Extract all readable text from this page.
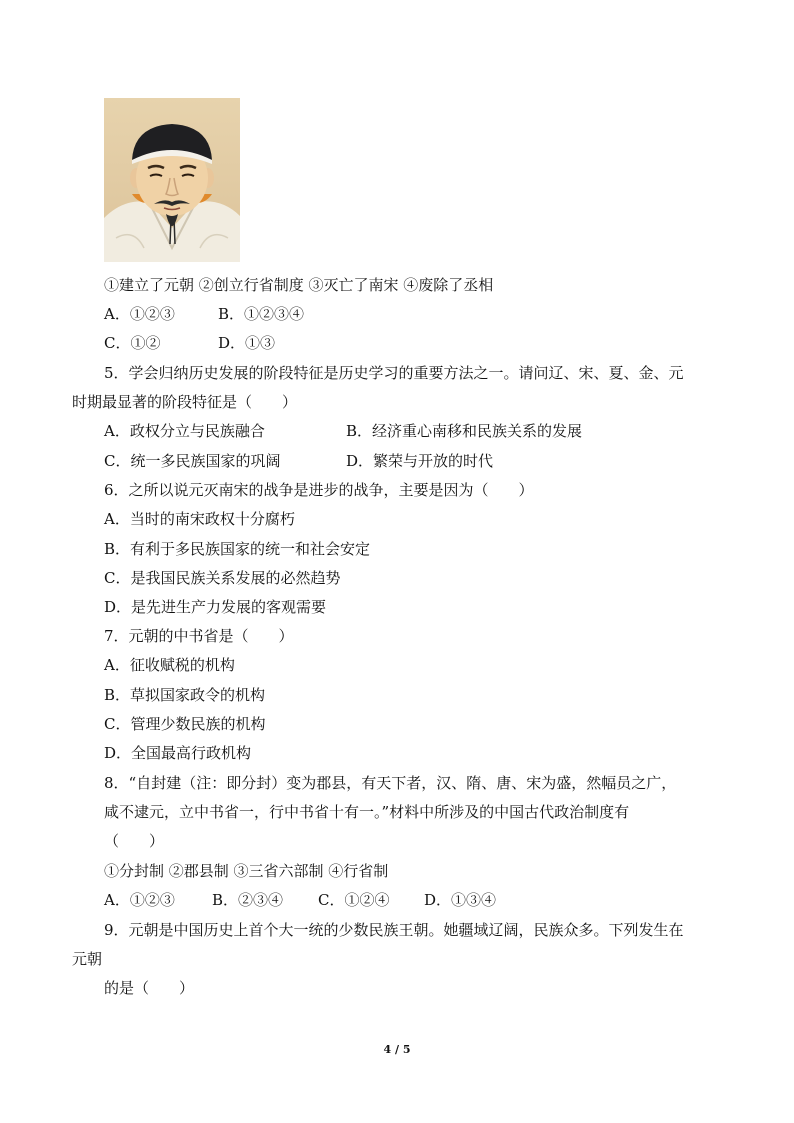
①建立了元朝 ②创立行省制度 ③灭亡了南宋 ④废除了丞相
A．①②③	B．①②③④
C．①②	D．①③
5．学会归纳历史发展的阶段特征是历史学习的重要方法之一。请问辽、宋、夏、金、元
时期最显著的阶段特征是（　　）
A．政权分立与民族融合	B．经济重心南移和民族关系的发展
C．统一多民族国家的巩阔	D．繁荣与开放的时代
6．之所以说元灭南宋的战争是进步的战争，主要是因为（　　）
A．当时的南宋政权十分腐朽
B．有利于多民族国家的统一和社会安定
C．是我国民族关系发展的必然趋势
D．是先进生产力发展的客观需要
7．元朝的中书省是（　　）
A．征收赋税的机构
B．草拟国家政令的机构
C．管理少数民族的机构
D．全国最高行政机构
8．“自封建（注：即分封）变为郡县，有天下者，汉、隋、唐、宋为盛，然幅员之广，
咸不逮元，立中书省一，行中书省十有一。”材料中所涉及的中国古代政治制度有
（　　）
①分封制 ②郡县制 ③三省六部制 ④行省制
A．①②③ B．②③④ C．①②④ D．①③④
9．元朝是中国历史上首个大一统的少数民族王朝。她疆域辽阔，民族众多。下列发生在
元朝
的是（　　）
4 / 5
